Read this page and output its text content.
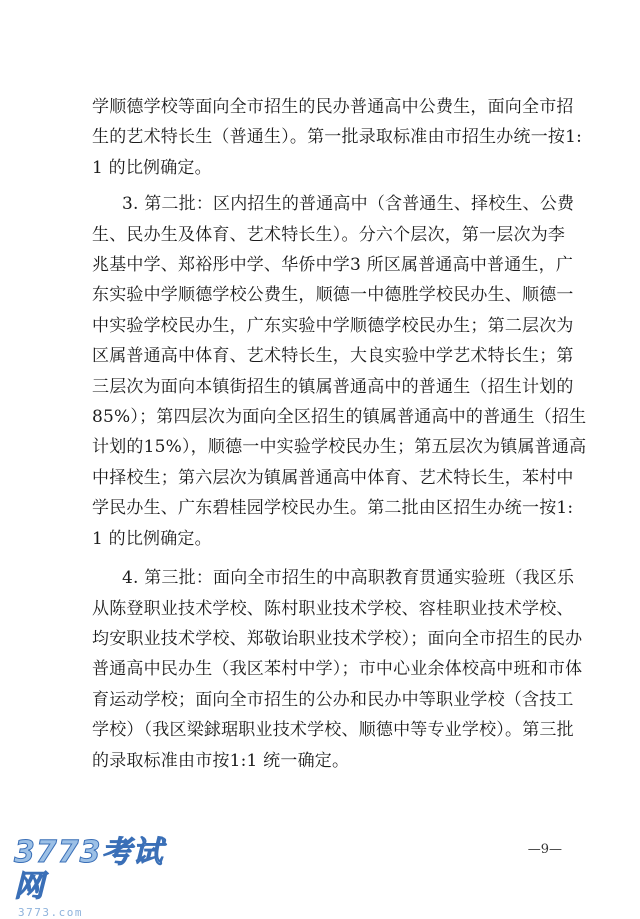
学顺德学校等面向全市招生的民办普通高中公费生，面向全市招

生的艺术特长生（普通生）。第一批录取标准由市招生办统一按1:

1 的比例确定。

3. 第二批：区内招生的普通高中（含普通生、择校生、公费

生、民办生及体育、艺术特长生）。分六个层次，第一层次为李

兆基中学、郑裕彤中学、华侨中学3 所区属普通高中普通生，广

东实验中学顺德学校公费生，顺德一中德胜学校民办生、顺德一

中实验学校民办生，广东实验中学顺德学校民办生；第二层次为

区属普通高中体育、艺术特长生，大良实验中学艺术特长生；第

三层次为面向本镇街招生的镇属普通高中的普通生（招生计划的

85%）；第四层次为面向全区招生的镇属普通高中的普通生（招生

计划的15%），顺德一中实验学校民办生；第五层次为镇属普通高

中择校生；第六层次为镇属普通高中体育、艺术特长生，苯村中

学民办生、广东碧桂园学校民办生。第二批由区招生办统一按1:

1 的比例确定。

4. 第三批：面向全市招生的中高职教育贯通实验班（我区乐

从陈登职业技术学校、陈村职业技术学校、容桂职业技术学校、

均安职业技术学校、郑敬诒职业技术学校）；面向全市招生的民办

普通高中民办生（我区苯村中学）；市中心业余体校高中班和市体

育运动学校；面向全市招生的公办和民办中等职业学校（含技工

学校）（我区梁銶琚职业技术学校、顺德中等专业学校）。第三批

的录取标准由市按1:1 统一确定。

—9—
3773考试网
3773.com
